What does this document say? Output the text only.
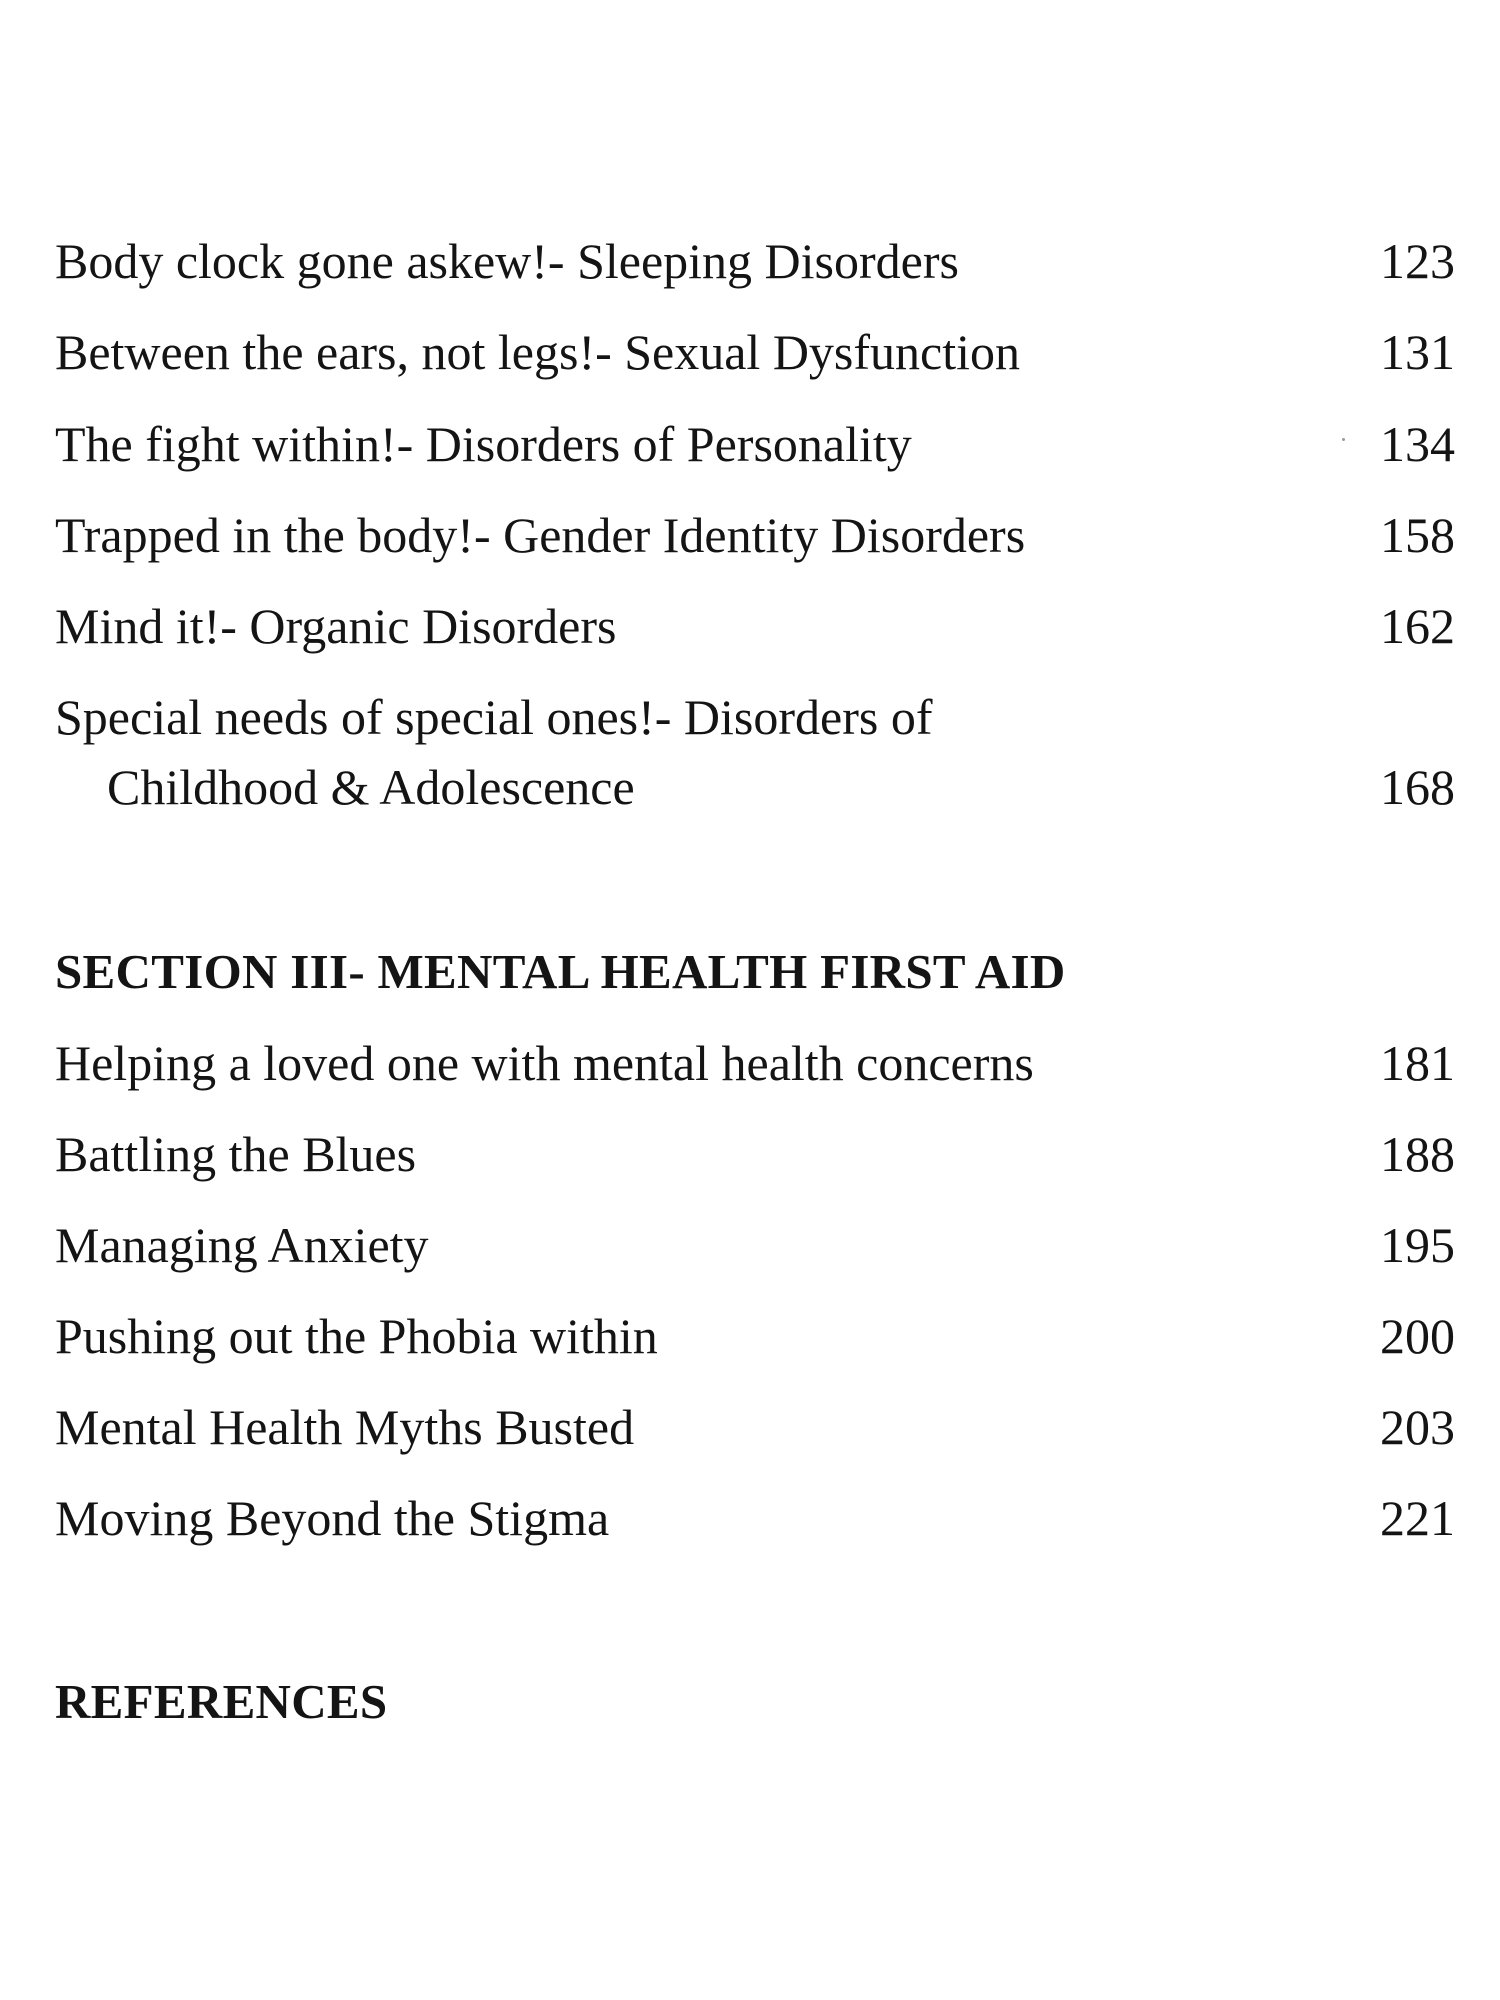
Body clock gone askew!- Sleeping Disorders	123
Between the ears, not legs!- Sexual Dysfunction	131
The fight within!- Disorders of Personality	134
Trapped in the body!- Gender Identity Disorders	158
Mind it!- Organic Disorders	162
Special needs of special ones!- Disorders of
Childhood & Adolescence	168
SECTION III- MENTAL HEALTH FIRST AID
Helping a loved one with mental health concerns	181
Battling the Blues	188
Managing Anxiety	195
Pushing out the Phobia within	200
Mental Health Myths Busted	203
Moving Beyond the Stigma	221
REFERENCES
